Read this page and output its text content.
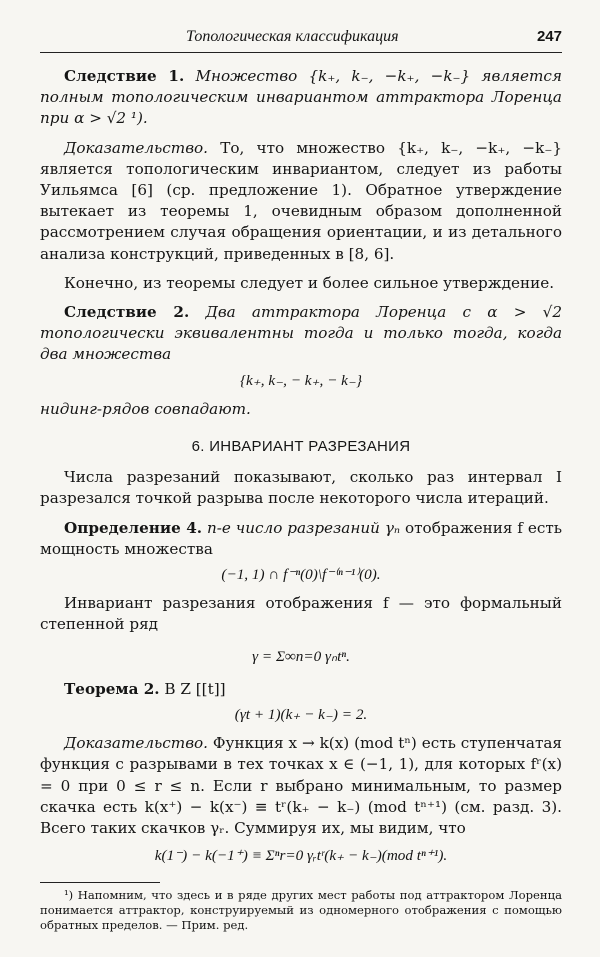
Топологическая классификация	247

Следствие 1. Множество {k₊, k₋, −k₊, −k₋} является полным топологическим инвариантом аттрактора Лоренца при α > √2 ¹).

Доказательство. То, что множество {k₊, k₋, −k₊, −k₋} является топологическим инвариантом, следует из работы Уильямса [6] (ср. предложение 1). Обратное утверждение вытекает из теоремы 1, очевидным образом дополненной рассмотрением случая обращения ориентации, и из детального анализа конструкций, приведенных в [8, 6].

Конечно, из теоремы следует и более сильное утверждение.

Следствие 2. Два аттрактора Лоренца с α > √2 топологически эквивалентны тогда и только тогда, когда два множества

{k₊, k₋, − k₊, − k₋}

нидинг-рядов совпадают.

6. ИНВАРИАНТ РАЗРЕЗАНИЯ

Числа разрезаний показывают, сколько раз интервал I разрезался точкой разрыва после некоторого числа итераций.

Определение 4. n-е число разрезаний γₙ отображения f есть мощность множества

(−1, 1) ∩ f⁻ⁿ(0)\f⁻⁽ⁿ⁻¹⁾(0).

Инвариант разрезания отображения f — это формальный степенной ряд

γ = Σ∞n=0 γₙtⁿ.

Теорема 2. В Z [[t]]

(γt + 1)(k₊ − k₋) = 2.

Доказательство. Функция x → k(x) (mod tⁿ) есть ступенчатая функция с разрывами в тех точках x ∈ (−1, 1), для которых fʳ(x) = 0 при 0 ≤ r ≤ n. Если r выбрано минимальным, то размер скачка есть k(x⁺) − k(x⁻) ≡ tʳ(k₊ − k₋) (mod tⁿ⁺¹) (см. разд. 3). Всего таких скачков γᵣ. Суммируя их, мы видим, что

k(1⁻) − k(−1⁺) ≡ Σⁿr=0 γᵣtʳ(k₊ − k₋)(mod tⁿ⁺¹).
¹) Напомним, что здесь и в ряде других мест работы под аттрактором Лоренца понимается аттрактор, конструируемый из одномерного отображения с помощью обратных пределов. — Прим. ред.
